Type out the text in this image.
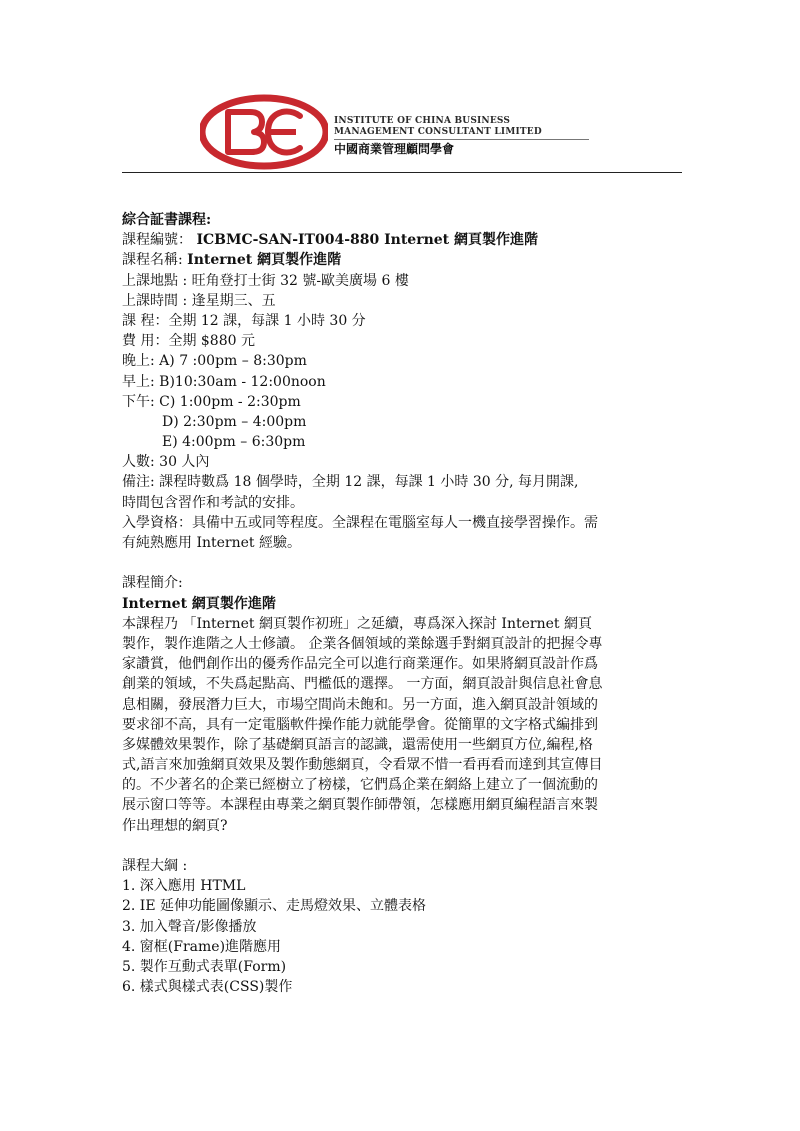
INSTITUTE OF CHINA BUSINESS
MANAGEMENT CONSULTANT LIMITED
中國商業管理顧問學會
綜合証書課程:
課程編號： ICBMC-SAN-IT004-880 Internet 網頁製作進階
課程名稱: Internet 網頁製作進階
上課地點 : 旺角登打士街 32 號-歐美廣場 6 樓
上課時間 : 逢星期三、五
課 程：全期 12 課，每課 1 小時 30 分
費 用：全期 $880 元
晚上: A) 7 :00pm – 8:30pm
早上: B)10:30am - 12:00noon
下午: C) 1:00pm - 2:30pm
D) 2:30pm – 4:00pm
E) 4:00pm – 6:30pm
人數: 30 人內
備注: 課程時數爲 18 個學時，全期 12 課，每課 1 小時 30 分, 每月開課,
時間包含習作和考試的安排。
入學資格：具備中五或同等程度。全課程在電腦室每人一機直接學習操作。需
有純熟應用 Internet 經驗。
課程簡介:
Internet 網頁製作進階
本課程乃 「Internet 網頁製作初班」之延續，專爲深入探討 Internet 網頁
製作，製作進階之人士修讀。 企業各個領域的業餘選手對網頁設計的把握令專
家讚賞，他們創作出的優秀作品完全可以進行商業運作。如果將網頁設計作爲
創業的領域，不失爲起點高、門檻低的選擇。 一方面，網頁設計與信息社會息
息相關，發展潛力巨大，市場空間尚未飽和。另一方面，進入網頁設計領域的
要求卻不高，具有一定電腦軟件操作能力就能學會。從簡單的文字格式編排到
多媒體效果製作，除了基礎網頁語言的認識，還需使用一些網頁方位,編程,格
式,語言來加強網頁效果及製作動態網頁，令看眾不惜一看再看而達到其宣傳目
的。不少著名的企業已經樹立了榜樣，它們爲企業在網絡上建立了一個流動的
展示窗口等等。本課程由專業之網頁製作師帶領，怎樣應用網頁編程語言來製
作出理想的網頁?
課程大綱 :
1. 深入應用 HTML
2. IE 延伸功能圖像顯示、走馬燈效果、立體表格
3. 加入聲音/影像播放
4. 窗框(Frame)進階應用
5. 製作互動式表單(Form)
6. 樣式與樣式表(CSS)製作
